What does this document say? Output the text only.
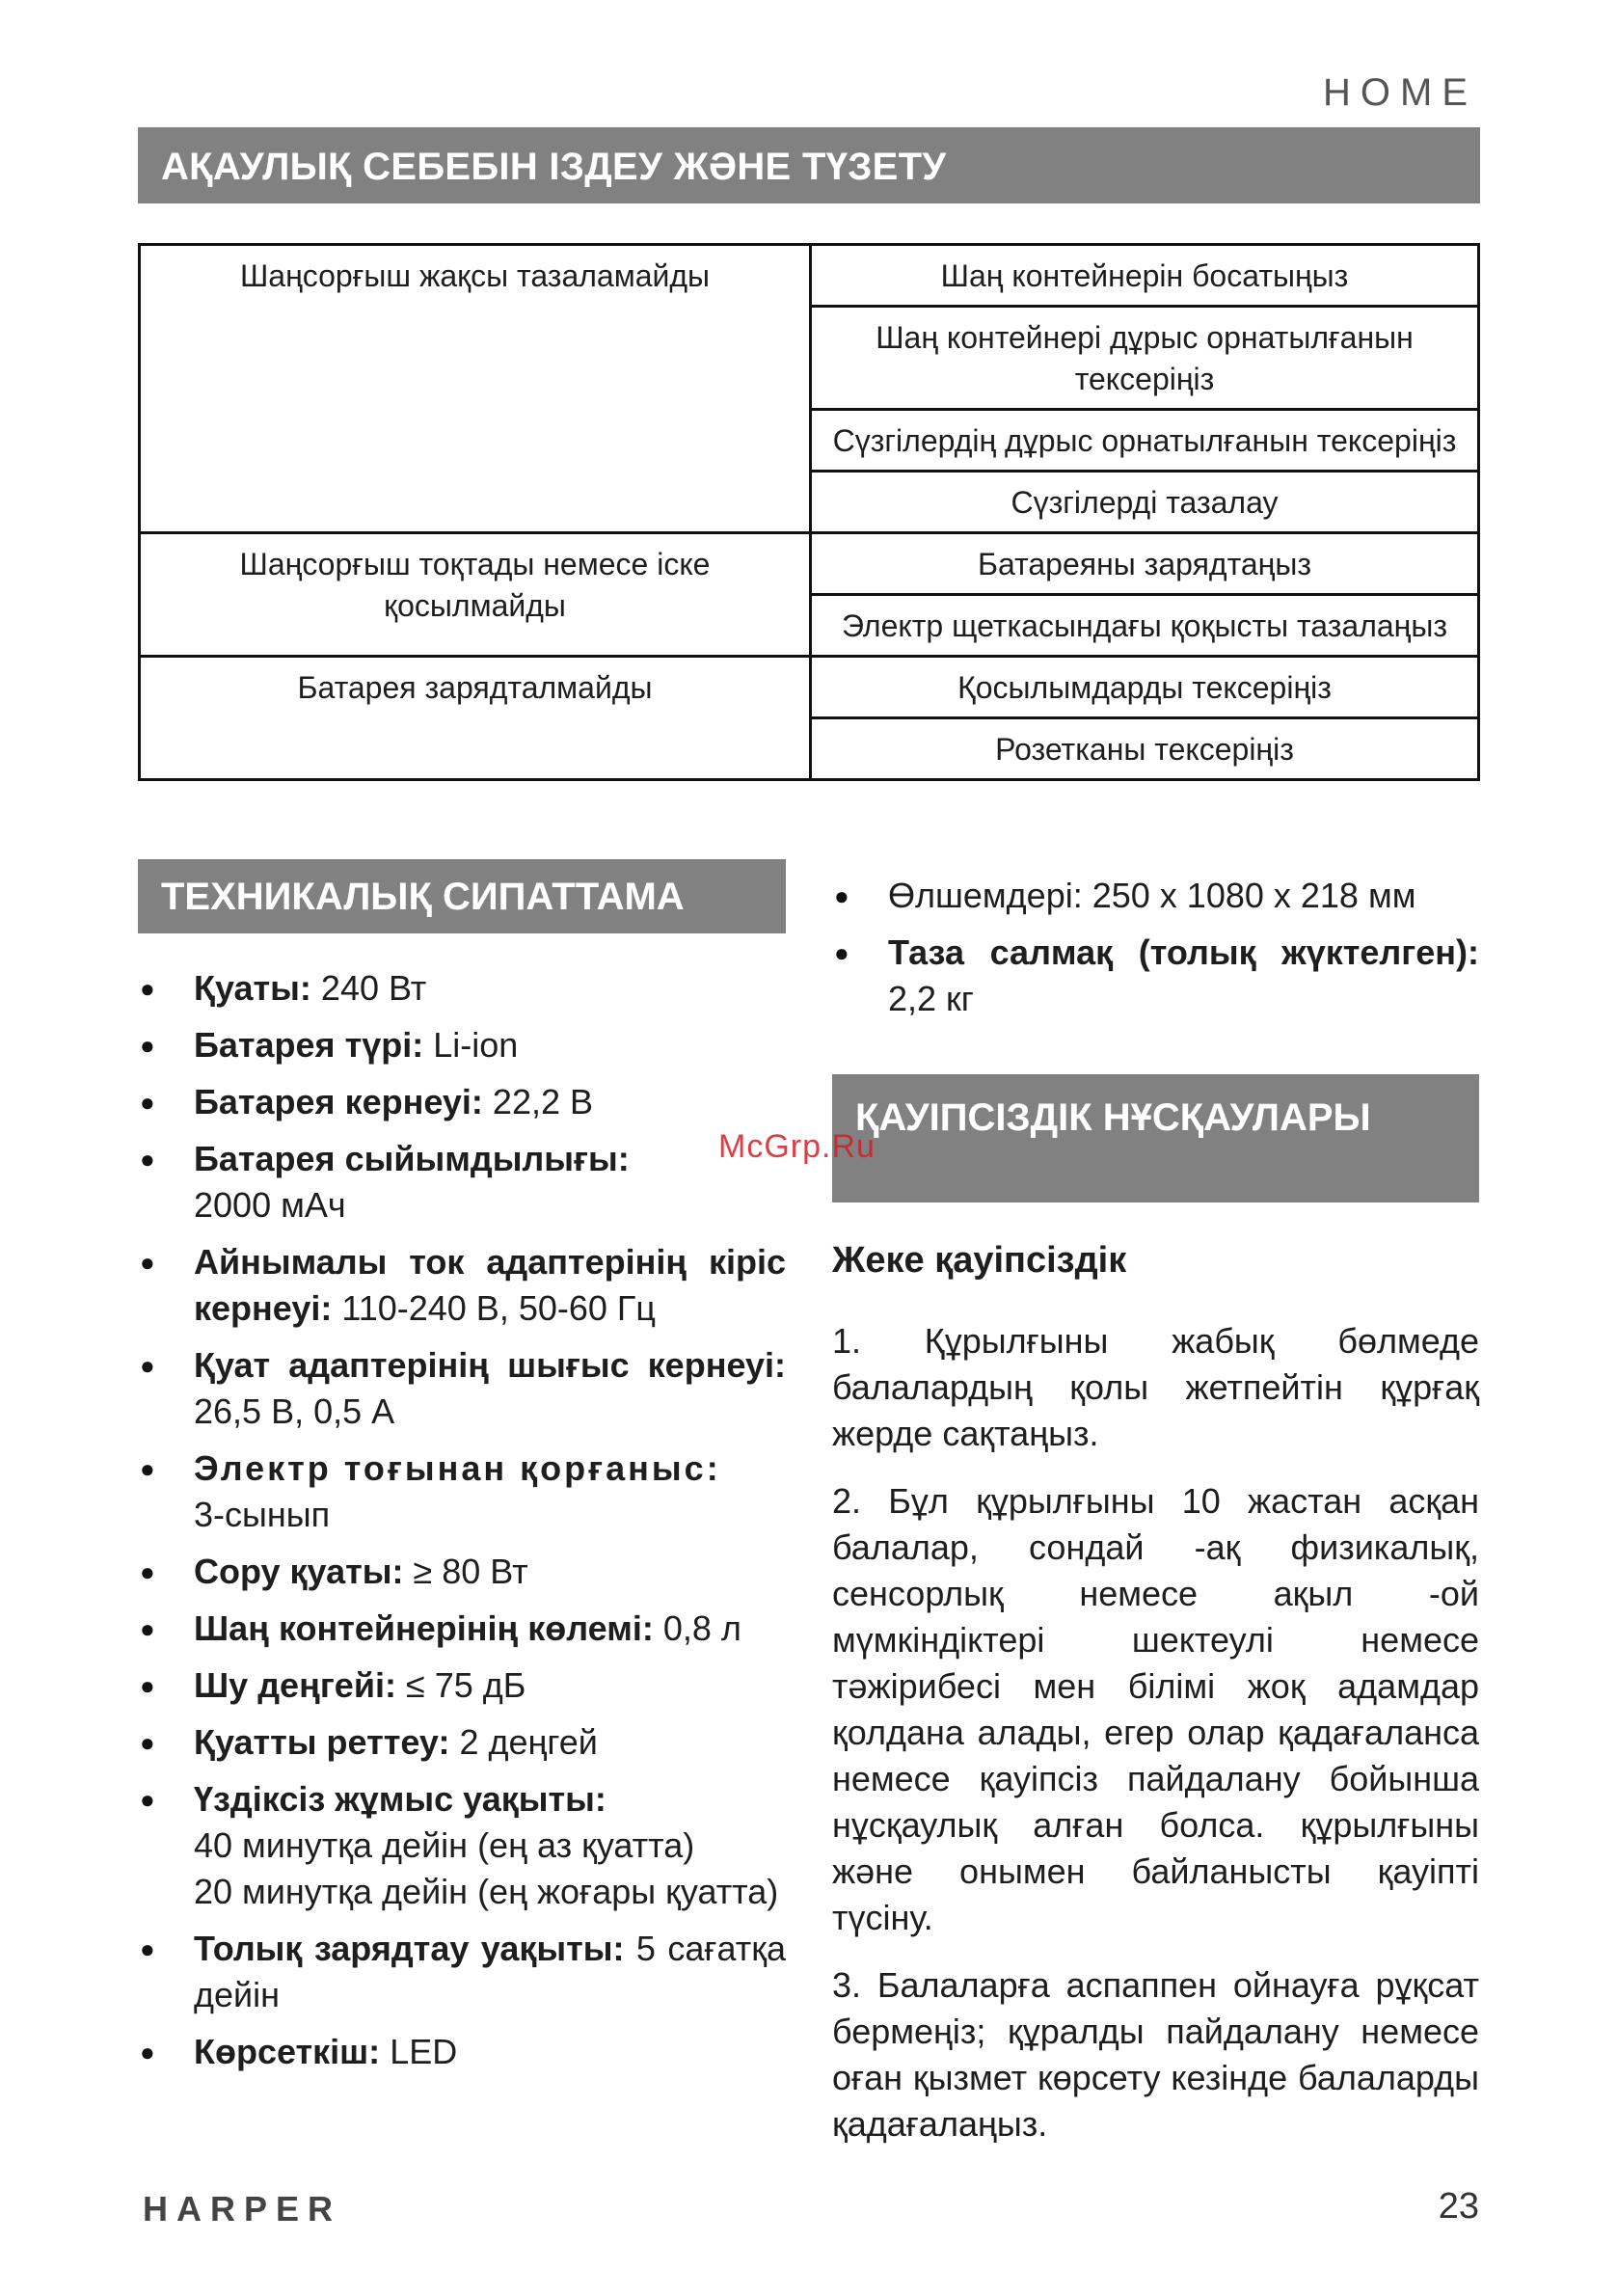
HOME
АҚАУЛЫҚ СЕБЕБІН ІЗДЕУ ЖӘНЕ ТҮЗЕТУ
Шаңсорғыш жақсы тазаламайды	Шаң контейнерін босатыңыз
	Шаң контейнері дұрыс орнатылғанын тексеріңіз
	Сүзгілердің дұрыс орнатылғанын тексеріңіз
	Сүзгілерді тазалау
Шаңсорғыш тоқтады немесе іске қосылмайды	Батареяны зарядтаңыз
	Электр щеткасындағы қоқысты тазалаңыз
Батарея зарядталмайды	Қосылымдарды тексеріңіз
	Розетканы тексеріңіз
ТЕХНИКАЛЫҚ СИПАТТАМА
● Қуаты: 240 Вт
● Батарея түрі: Li-ion
● Батарея кернеуі: 22,2 В
● Батарея сыйымдылығы:
2000 мАч
● Айнымалы ток адаптерінің кіріс кернеуі: 110-240 В, 50-60 Гц
● Қуат адаптерінің шығыс кернеуі: 26,5 В, 0,5 А
● Электр тоғынан қорғаныс:
3-сынып
● Сору қуаты: ≥ 80 Вт
● Шаң контейнерінің көлемі: 0,8 л
● Шу деңгейі: ≤ 75 дБ
● Қуатты реттеу: 2 деңгей
● Үздіксіз жұмыс уақыты:
40 минутқа дейін (ең аз қуатта)
20 минутқа дейін (ең жоғары қуатта)
● Толық зарядтау уақыты: 5 сағатқа дейін
● Көрсеткіш: LED
● Өлшемдері: 250 x 1080 x 218 мм
● Таза салмақ (толық жүктелген): 2,2 кг
ҚАУІПСІЗДІК НҰСҚАУЛАРЫ
McGrp.Ru
Жеке қауіпсіздік

1. Құрылғыны жабық бөлмеде балалардың қолы жетпейтін құрғақ жерде сақтаңыз.

2. Бұл құрылғыны 10 жастан асқан балалар, сондай -ақ физикалық, сенсорлық немесе ақыл -ой мүмкіндіктері шектеулі немесе тәжірибесі мен білімі жоқ адамдар қолдана алады, егер олар қадағаланса немесе қауіпсіз пайдалану бойынша нұсқаулық алған болса. құрылғыны және онымен байланысты қауіпті түсіну.

3. Балаларға аспаппен ойнауға рұқсат бермеңіз; құралды пайдалану немесе оған қызмет көрсету кезінде балаларды қадағалаңыз.

HARPER	23
